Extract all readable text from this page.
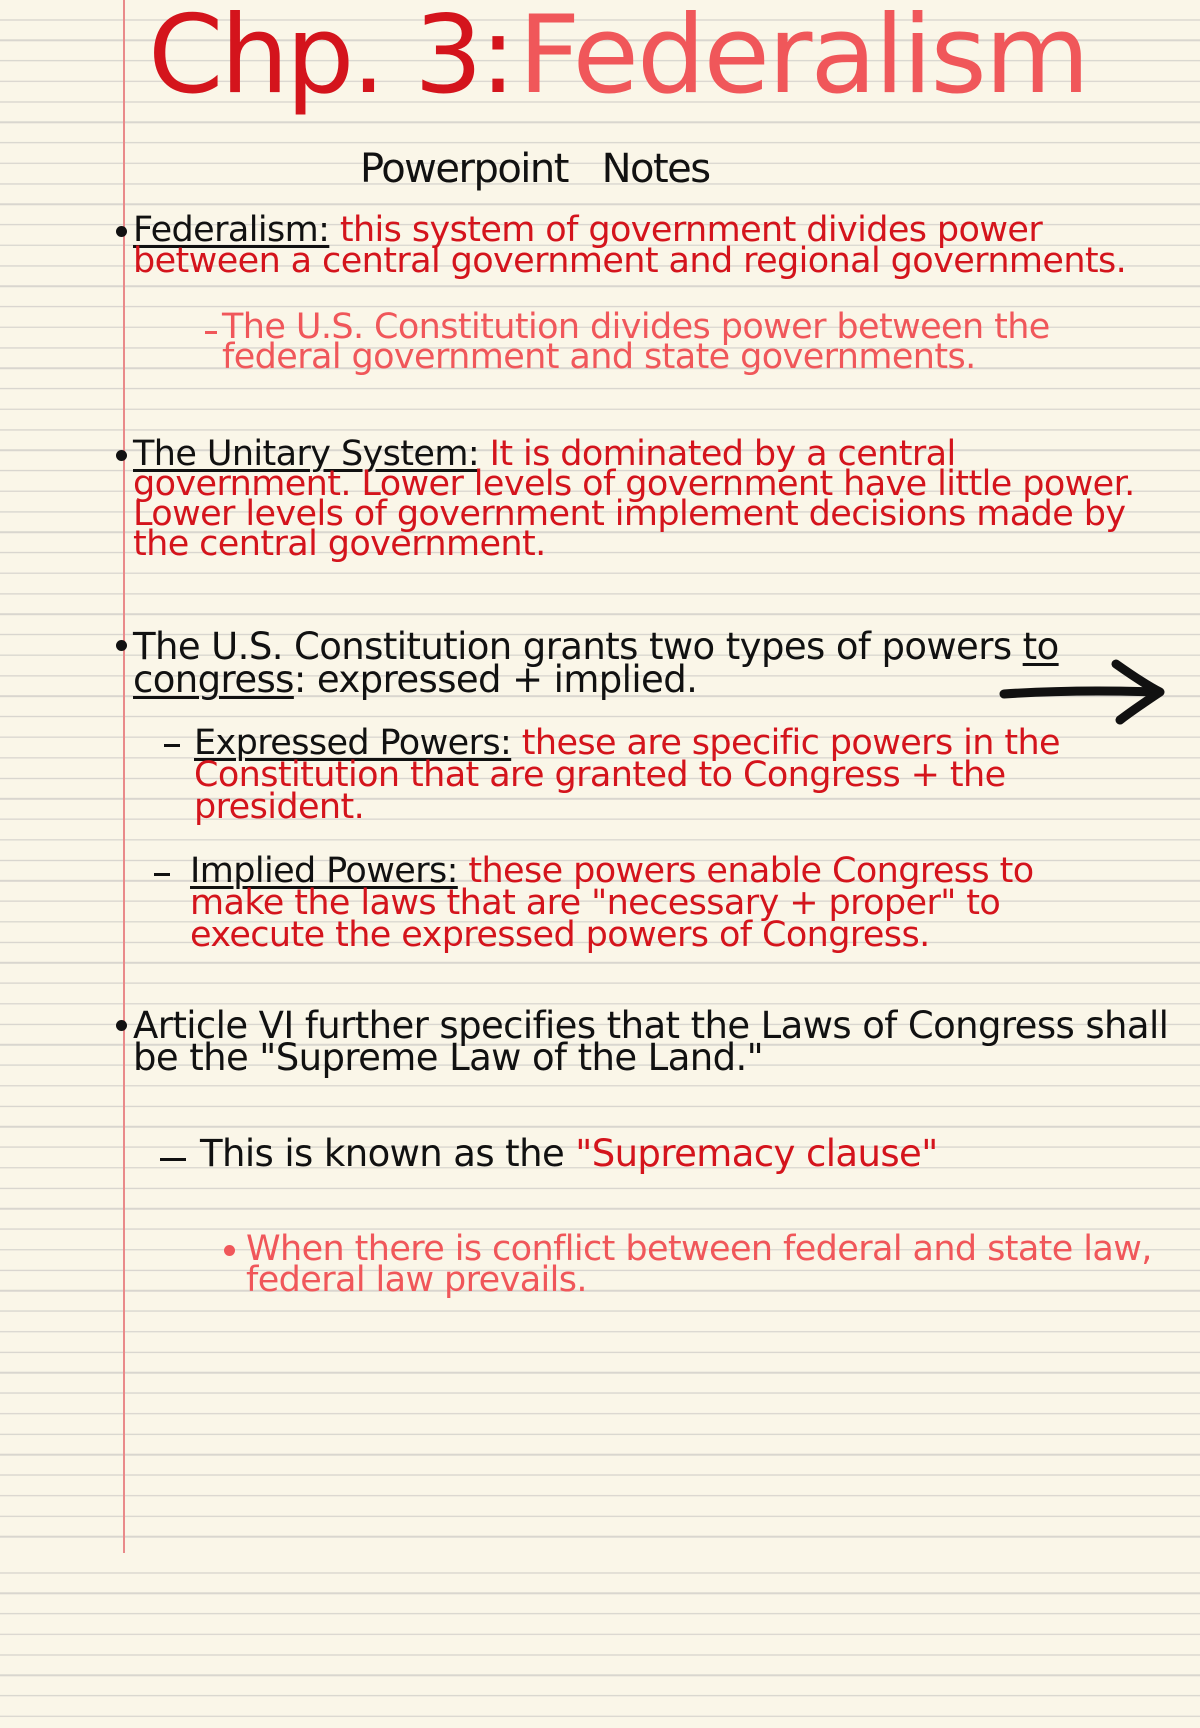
Chp. 3: Federalism
Powerpoint   Notes
Federalism: this system of government divides power between a central government and regional governments.
The U.S. Constitution divides power between the federal government and state governments.
The Unitary System: It is dominated by a central government. Lower levels of government have little power. Lower levels of government implement decisions made by the central government.
The U.S. Constitution grants two types of powers to congress: expressed + implied.
Expressed Powers: these are specific powers in the Constitution that are granted to Congress + the president.
Implied Powers: these powers enable Congress to make the laws that are "necessary + proper" to execute the expressed powers of Congress.
Article VI further specifies that the Laws of Congress shall be the "Supreme Law of the Land."
This is known as the "Supremacy clause"
When there is conflict between federal and state law, federal law prevails.
